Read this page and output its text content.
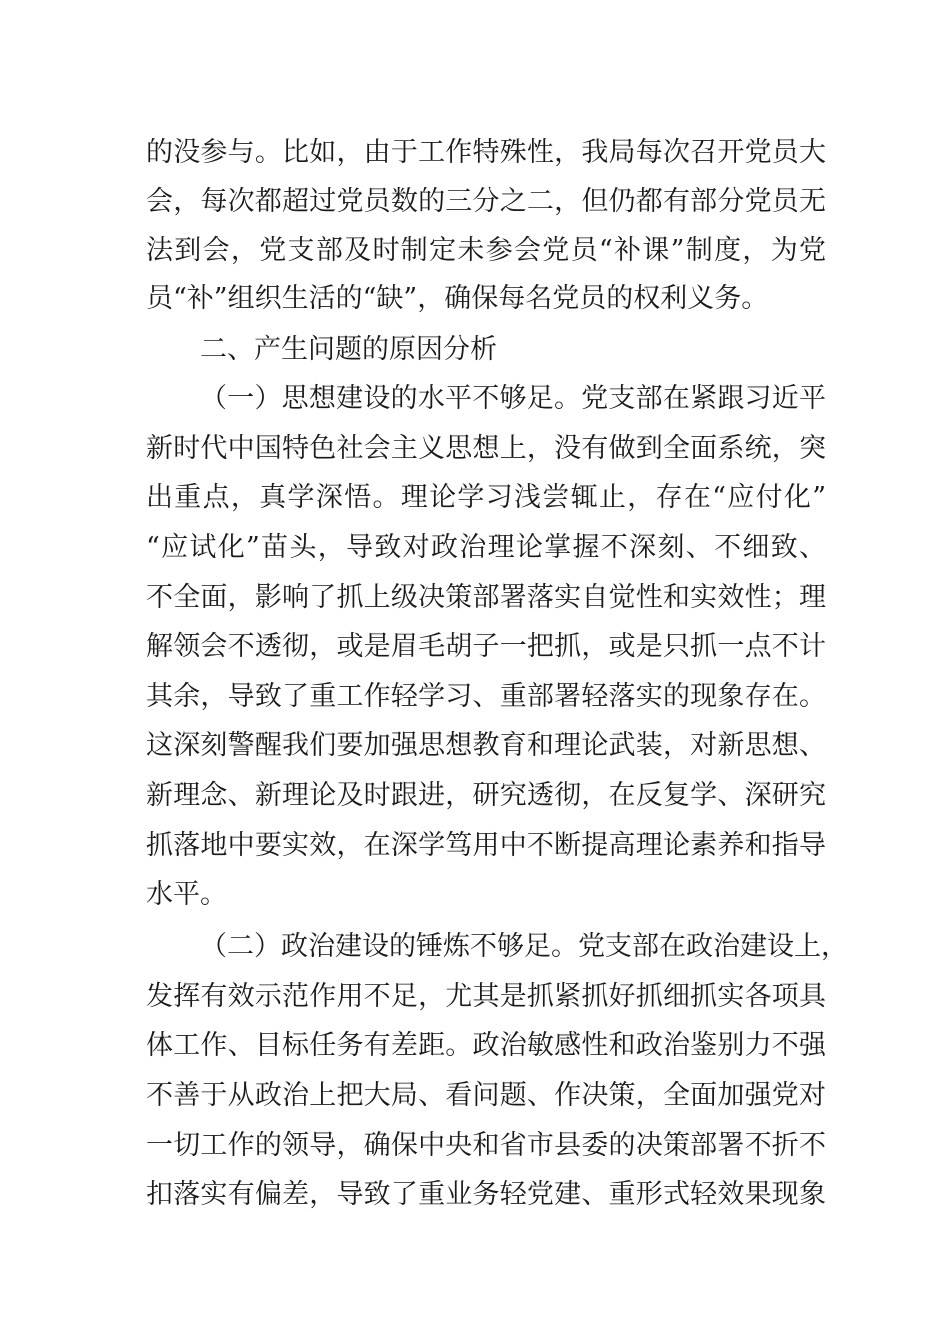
的没参与。比如，由于工作特殊性，我局每次召开党员大
会，每次都超过党员数的三分之二，但仍都有部分党员无
法到会，党支部及时制定未参会党员“补课”制度，为党
员“补”组织生活的“缺”，确保每名党员的权利义务。
二、产生问题的原因分析
（一）思想建设的水平不够足。党支部在紧跟习近平
新时代中国特色社会主义思想上，没有做到全面系统，突
出重点，真学深悟。理论学习浅尝辄止，存在“应付化”
“应试化”苗头，导致对政治理论掌握不深刻、不细致、
不全面，影响了抓上级决策部署落实自觉性和实效性；理
解领会不透彻，或是眉毛胡子一把抓，或是只抓一点不计
其余，导致了重工作轻学习、重部署轻落实的现象存在。
这深刻警醒我们要加强思想教育和理论武装，对新思想、
新理念、新理论及时跟进，研究透彻，在反复学、深研究
抓落地中要实效，在深学笃用中不断提高理论素养和指导
水平。
（二）政治建设的锤炼不够足。党支部在政治建设上，
发挥有效示范作用不足，尤其是抓紧抓好抓细抓实各项具
体工作、目标任务有差距。政治敏感性和政治鉴别力不强
不善于从政治上把大局、看问题、作决策，全面加强党对
一切工作的领导，确保中央和省市县委的决策部署不折不
扣落实有偏差，导致了重业务轻党建、重形式轻效果现象
